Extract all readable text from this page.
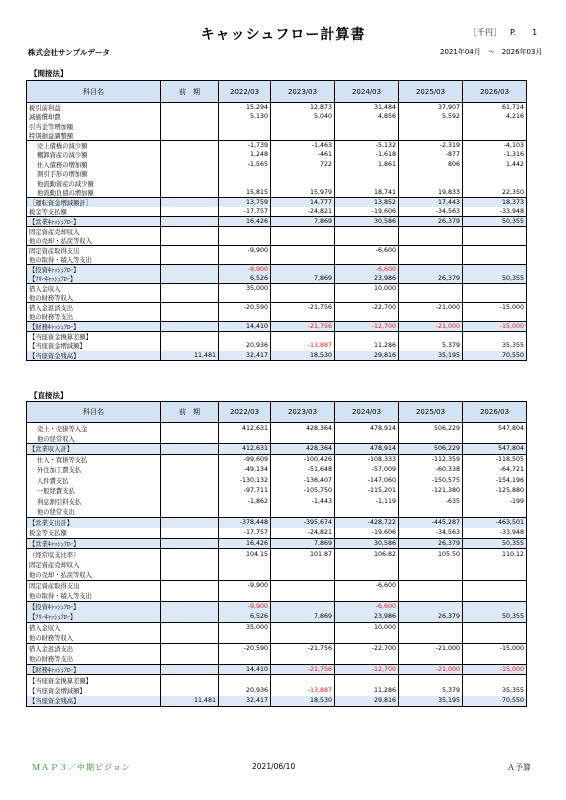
キャッシュフロー計算書	［千円］ P.　　1
株式会社サンプルデータ	2021年04月　～　2026年03月
【間接法】
科目名	前　期	2022/03	2023/03	2024/03	2025/03	2026/03
税引前利益		15,294	12,873	31,484	37,907	61,714
減価償却費		5,130	5,040	4,856	5,592	4,216
引当金等増加額						
特別損益調整額						
売上債権の減少額		-1,739	-1,463	-5,132	-2,319	-4,103
棚卸資産の減少額		1,248	-461	-1,618	-877	-1,316
仕入債務の増加額		-1,565	722	1,861	806	1,442
割引手形の増加額						
他流動資産の減少額						
他流動負債の増加額		15,815	15,979	18,741	19,833	22,350
［運転資金増減額計］		13,759	14,777	13,852	17,443	18,373
税金等支払額		-17,757	-24,821	-19,606	-34,563	-33,948
【営業ｷｬｯｼｭﾌﾛｰ】		16,426	7,869	30,586	26,379	50,355
固定資産売却収入						
他の売却・払戻等収入						
固定資産取得支出		-9,900		-6,600		
他の取得・積入等支出						
【投資ｷｬｯｼｭﾌﾛｰ】		-9,900		-6,600		
【ﾌﾘｰｷｬｯｼｭﾌﾛｰ】		6,526	7,869	23,986	26,379	50,355
借入金収入		35,000		10,000		
他の財務等収入						
借入金返済支出		-20,590	-21,756	-22,700	-21,000	-15,000
他の財務等支出						
【財務ｷｬｯｼｭﾌﾛｰ】		14,410	-21,756	-12,700	-21,000	-15,000
【当座資金換算差額】						
【当座資金増減額】		20,936	-13,887	11,286	5,379	35,355
【当座資金残高】	11,481	32,417	18,530	29,816	35,195	70,550
【直接法】
科目名	前　期	2022/03	2023/03	2024/03	2025/03	2026/03
売上・売掛等入金		412,631	428,364	478,914	506,229	547,804
他の経常収入						
【営業収入計】		412,631	428,364	478,914	506,229	547,804
仕入・買掛等支払		-99,609	-100,426	-108,333	-112,359	-118,505
外注加工費支払		-49,134	-51,648	-57,009	-60,338	-64,721
人件費支払		-130,132	-136,407	-147,060	-150,575	-154,196
一般経費支払		-97,711	-105,750	-115,201	-121,380	-125,880
利息割引料支払		-1,862	-1,443	-1,119	-635	-199
他の経常支出						
【営業支出計】		-378,448	-395,674	-428,722	-445,287	-463,501
税金等支払額		-17,757	-24,821	-19,606	-34,563	-33,948
【営業ｷｬｯｼｭﾌﾛｰ】		16,426	7,869	30,586	26,379	50,355
（経常収支比率）		104.15	101.87	106.82	105.50	110.12
固定資産売却収入						
他の売却・払戻等収入						
固定資産取得支出		-9,900		-6,600		
他の取得・積入等支出						
【投資ｷｬｯｼｭﾌﾛｰ】		-9,900		-6,600		
【ﾌﾘｰｷｬｯｼｭﾌﾛｰ】		6,526	7,869	23,986	26,379	50,355
借入金収入		35,000		10,000		
他の財務等収入						
借入金返済支出		-20,590	-21,756	-22,700	-21,000	-15,000
他の財務等支出						
【財務ｷｬｯｼｭﾌﾛｰ】		14,410	-21,756	-12,700	-21,000	-15,000
【当座資金換算差額】						
【当座資金増減額】		20,936	-13,887	11,286	5,379	35,355
【当座資金残高】	11,481	32,417	18,530	29,816	35,195	70,550
ＭＡＰ３／中期ビジョン	2021/06/10	Ａ予算
